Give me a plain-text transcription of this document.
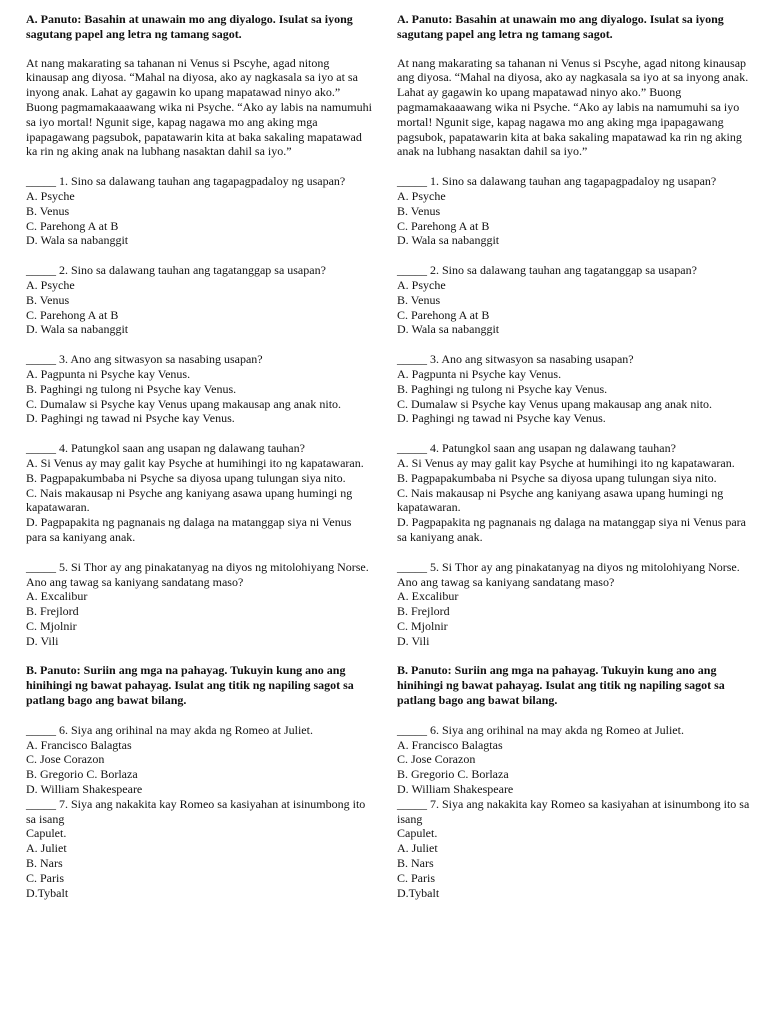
A. Panuto: Basahin at unawain mo ang diyalogo. Isulat sa iyong sagutang papel ang letra ng tamang sagot.

At nang makarating sa tahanan ni Venus si Pscyhe, agad nitong kinausap ang diyosa. “Mahal na diyosa, ako ay nagkasala sa iyo at sa inyong anak. Lahat ay gagawin ko upang mapatawad ninyo ako.” Buong pagmamakaaawang wika ni Psyche. “Ako ay labis na namumuhi sa iyo mortal! Ngunit sige, kapag nagawa mo ang aking mga ipapagawang pagsubok, papatawarin kita at baka sakaling mapatawad ka rin ng aking anak na lubhang nasaktan dahil sa iyo.”

_____ 1. Sino sa dalawang tauhan ang tagapagpadaloy ng usapan?

A. Psyche

B. Venus

C. Parehong A at B

D. Wala sa nabanggit

_____ 2. Sino sa dalawang tauhan ang tagatanggap sa usapan?

A. Psyche

B. Venus

C. Parehong A at B

D. Wala sa nabanggit

_____ 3. Ano ang sitwasyon sa nasabing usapan?

A. Pagpunta ni Psyche kay Venus.

B. Paghingi ng tulong ni Psyche kay Venus.

C. Dumalaw si Psyche kay Venus upang makausap ang anak nito.

D. Paghingi ng tawad ni Psyche kay Venus.

_____ 4. Patungkol saan ang usapan ng dalawang tauhan?

A. Si Venus ay may galit kay Psyche at humihingi ito ng kapatawaran.

B. Pagpapakumbaba ni Psyche sa diyosa upang tulungan siya nito.

C. Nais makausap ni Psyche ang kaniyang asawa upang humingi ng kapatawaran.

D. Pagpapakita ng pagnanais ng dalaga na matanggap siya ni Venus para sa kaniyang anak.

_____ 5. Si Thor ay ang pinakatanyag na diyos ng mitolohiyang Norse. Ano ang tawag sa kaniyang sandatang maso?

A. Excalibur

B. Frejlord

C. Mjolnir

D. Vili

B. Panuto: Suriin ang mga na pahayag. Tukuyin kung ano ang hinihingi ng bawat pahayag. Isulat ang titik ng napiling sagot sa patlang bago ang bawat bilang.

_____ 6. Siya ang orihinal na may akda ng Romeo at Juliet.

A. Francisco Balagtas

C. Jose Corazon

B. Gregorio C. Borlaza

D. William Shakespeare

_____ 7. Siya ang nakakita kay Romeo sa kasiyahan at isinumbong ito sa isang

Capulet.

A. Juliet

B. Nars

C. Paris

D.Tybalt

A. Panuto: Basahin at unawain mo ang diyalogo. Isulat sa iyong sagutang papel ang letra ng tamang sagot.

At nang makarating sa tahanan ni Venus si Pscyhe, agad nitong kinausap ang diyosa. “Mahal na diyosa, ako ay nagkasala sa iyo at sa inyong anak. Lahat ay gagawin ko upang mapatawad ninyo ako.” Buong pagmamakaaawang wika ni Psyche. “Ako ay labis na namumuhi sa iyo mortal! Ngunit sige, kapag nagawa mo ang aking mga ipapagawang pagsubok, papatawarin kita at baka sakaling mapatawad ka rin ng aking anak na lubhang nasaktan dahil sa iyo.”

_____ 1. Sino sa dalawang tauhan ang tagapagpadaloy ng usapan?

A. Psyche

B. Venus

C. Parehong A at B

D. Wala sa nabanggit

_____ 2. Sino sa dalawang tauhan ang tagatanggap sa usapan?

A. Psyche

B. Venus

C. Parehong A at B

D. Wala sa nabanggit

_____ 3. Ano ang sitwasyon sa nasabing usapan?

A. Pagpunta ni Psyche kay Venus.

B. Paghingi ng tulong ni Psyche kay Venus.

C. Dumalaw si Psyche kay Venus upang makausap ang anak nito.

D. Paghingi ng tawad ni Psyche kay Venus.

_____ 4. Patungkol saan ang usapan ng dalawang tauhan?

A. Si Venus ay may galit kay Psyche at humihingi ito ng kapatawaran.

B. Pagpapakumbaba ni Psyche sa diyosa upang tulungan siya nito.

C. Nais makausap ni Psyche ang kaniyang asawa upang humingi ng kapatawaran.

D. Pagpapakita ng pagnanais ng dalaga na matanggap siya ni Venus para sa kaniyang anak.

_____ 5. Si Thor ay ang pinakatanyag na diyos ng mitolohiyang Norse. Ano ang tawag sa kaniyang sandatang maso?

A. Excalibur

B. Frejlord

C. Mjolnir

D. Vili

B. Panuto: Suriin ang mga na pahayag. Tukuyin kung ano ang hinihingi ng bawat pahayag. Isulat ang titik ng napiling sagot sa patlang bago ang bawat bilang.

_____ 6. Siya ang orihinal na may akda ng Romeo at Juliet.

A. Francisco Balagtas

C. Jose Corazon

B. Gregorio C. Borlaza

D. William Shakespeare

_____ 7. Siya ang nakakita kay Romeo sa kasiyahan at isinumbong ito sa isang

Capulet.

A. Juliet

B. Nars

C. Paris

D.Tybalt
